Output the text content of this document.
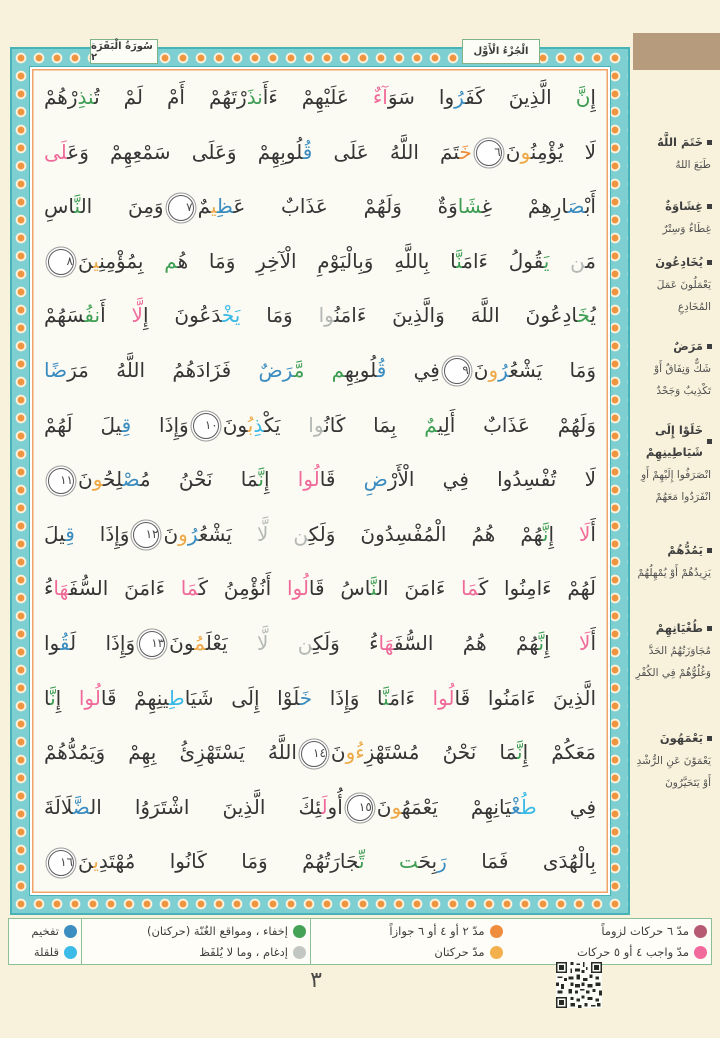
إِنَّ الَّذِينَ كَفَرُوا سَوَآءٌ عَلَيْهِمْ ءَأَنذَرْتَهُمْ أَمْ لَمْ تُنذِرْهُمْ
لَا يُؤْمِنُونَ٦خَتَمَ اللَّهُ عَلَى قُلُوبِهِمْ وَعَلَى سَمْعِهِمْ وَعَلَى
أَبْصَارِهِمْ غِشَاوَةٌ وَلَهُمْ عَذَابٌ عَظِيمٌ٧وَمِنَ النَّاسِ
مَن يَقُولُ ءَامَنَّا بِاللَّهِ وَبِالْيَوْمِ الْخِرِ وَمَا هُم بِمُؤْمِنِينَ٨
يُخَادِعُونَ اللَّهَ وَالَّذِينَ ءَامَنُوا وَمَا يَخْدَعُونَ إِلَّا أَنفُسَهُمْ
وَمَا يَشْعُرُونَ٩فِي قُلُوبِهِم مَّرَضٌ فَزَادَهُمُ اللَّهُ مَرَضًا
وَلَهُمْ عَذَابٌ أَلِيمٌ بِمَا كَانُوا يَكْذِبُونَ١٠وَإِذَا قِيلَ لَهُمْ
لَا تُفْسِدُوا فِي الْأَرْضِ قَالُوا إِنَّمَا نَحْنُ مُصْلِحُونَ١١
أَلَا إِنَّهُمْ هُمُ الْمُفْسِدُونَ وَلَكِن لَّا يَشْعُرُونَ١٢وَإِذَا قِيلَ
لَهُمْ ءَامِنُوا كَمَا ءَامَنَ النَّاسُ قَالُوا أَنُؤْمِنُ كَمَا ءَامَنَ السُّفَهَاءُ
أَلَا إِنَّهُمْ هُمُ السُّفَهَاءُ وَلَكِن لَّا يَعْلَمُونَ١٣وَإِذَا لَقُوا
الَّذِينَ ءَامَنُوا قَالُوا ءَامَنَّا وَإِذَا خَلَوْا إِلَى شَيَاطِينِهِمْ قَالُوا إِنَّا
مَعَكُمْ إِنَّمَا نَحْنُ مُسْتَهْزِءُونَ١٤اللَّهُ يَسْتَهْزِئُ بِهِمْ وَيَمُدُّهُمْ
فِي طُغْيَانِهِمْ يَعْمَهُونَ١٥أُولَئِكَ الَّذِينَ اشْتَرَوُا الضَّلَالَةَ
بِالْهُدَى فَمَا رَبِحَت تِّجَارَتُهُمْ وَمَا كَانُوا مُهْتَدِينَ١٦
سُورَةُ الْبَقَرَة ٢	الْجُزْءُ الْأَوَّل
خَتَمَ اللَّهُ
طَبَعَ اللهُ
غِشَاوَةٌ
غِطَاءٌ وَسِتْرٌ
يُخَادِعُونَ
يَعْمَلُونَ عَمَلَ المُخَادِعِ
مَرَضٌ
شَكٌّ وَنِفَاقٌ أَوْ تَكْذِيبٌ وَجَحْدٌ
خَلَوْا إِلَى شَيَاطِينِهِمْ
انْصَرَفُوا إِلَيْهِمْ أَوِ انْفَرَدُوا مَعَهُمْ
يَمُدُّهُمْ
يَزِيدُهُمْ أَوْ يُمْهِلُهُمْ
طُغْيَانِهِمْ
مُجَاوَزَتُهُمُ الحَدَّ وَغُلُوُّهُمْ فِي الكُفْرِ
يَعْمَهُونَ
يَعْمَوْنَ عَنِ الرُّشْدِ أَوْ يَتَحَيَّرُونَ
مدّ ٦ حركات لزوماً
مدّ واجب ٤ أو ٥ حركات
مدّ ٢ أو ٤ أو ٦ جوازاً
مدّ حركتان
إخفاء ، ومواقع الغُنّة (حركتان)
إدغام ، وما لا يُلفَظ
تفخيم
قلقلة
٣
